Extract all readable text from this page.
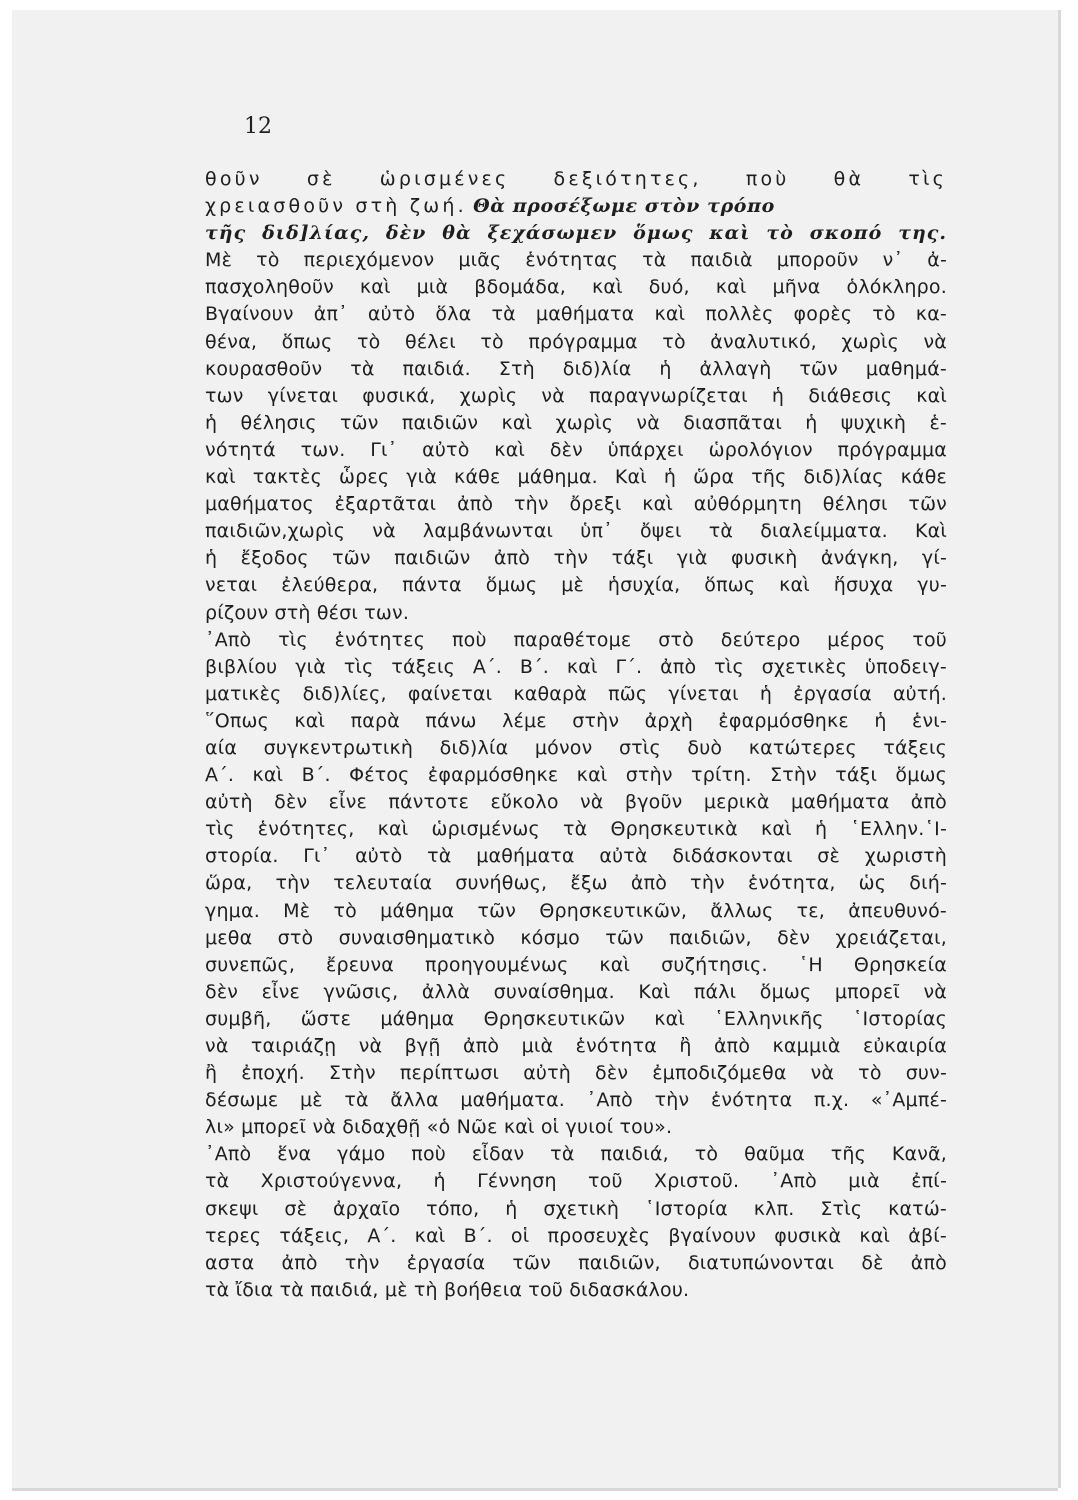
12
θοῦν σὲ ὡρισμένες δεξιότητες, ποὺ θὰ τὶς
χρειασθοῦν στὴ ζωή. Θὰ προσέξωμε στὸν τρόπο
τῆς διδ]λίας, δὲν θὰ ξεχάσωμεν ὅμως καὶ τὸ σκοπό της.
Μὲ τὸ περιεχόμενον μιᾶς ἑνότητας τὰ παιδιὰ μποροῦν ν᾽ ἀ-
πασχοληθοῦν καὶ μιὰ βδομάδα, καὶ δυό, καὶ μῆνα ὁλόκληρο.
Βγαίνουν ἀπ᾽ αὐτὸ ὅλα τὰ μαθήματα καὶ πολλὲς φορὲς τὸ κα-
θένα, ὅπως τὸ θέλει τὸ πρόγραμμα τὸ ἀναλυτικό, χωρὶς νὰ
κουρασθοῦν τὰ παιδιά. Στὴ διδ)λία ἡ ἀλλαγὴ τῶν μαθημά-
των γίνεται φυσικά, χωρὶς νὰ παραγνωρίζεται ἡ διάθεσις καὶ
ἡ θέλησις τῶν παιδιῶν καὶ χωρὶς νὰ διασπᾶται ἡ ψυχικὴ ἑ-
νότητά των. Γι᾽ αὐτὸ καὶ δὲν ὑπάρχει ὡρολόγιον πρόγραμμα
καὶ τακτὲς ὧρες γιὰ κάθε μάθημα. Καὶ ἡ ὥρα τῆς διδ)λίας κάθε
μαθήματος ἐξαρτᾶται ἀπὸ τὴν ὄρεξι καὶ αὐθόρμητη θέλησι τῶν
παιδιῶν,χωρὶς νὰ λαμβάνωνται ὑπ᾽ ὄψει τὰ διαλείμματα. Καὶ
ἡ ἔξοδος τῶν παιδιῶν ἀπὸ τὴν τάξι γιὰ φυσικὴ ἀνάγκη, γί-
νεται ἐλεύθερα, πάντα ὅμως μὲ ἡσυχία, ὅπως καὶ ἥσυχα γυ-
ρίζουν στὴ θέσι των.
᾽Απὸ τὶς ἑνότητες ποὺ παραθέτομε στὸ δεύτερο μέρος τοῦ
βιβλίου γιὰ τὶς τάξεις Α΄. Β΄. καὶ Γ΄. ἀπὸ τὶς σχετικὲς ὑποδειγ-
ματικὲς διδ)λίες, φαίνεται καθαρὰ πῶς γίνεται ἡ ἐργασία αὐτή.
῞Οπως καὶ παρὰ πάνω λέμε στὴν ἀρχὴ ἐφαρμόσθηκε ἡ ἑνι-
αία συγκεντρωτικὴ διδ)λία μόνον στὶς δυὸ κατώτερες τάξεις
Α΄. καὶ Β΄. Φέτος ἐφαρμόσθηκε καὶ στὴν τρίτη. Στὴν τάξι ὅμως
αὐτὴ δὲν εἶνε πάντοτε εὔκολο νὰ βγοῦν μερικὰ μαθήματα ἀπὸ
τὶς ἑνότητες, καὶ ὡρισμένως τὰ Θρησκευτικὰ καὶ ἡ ῾Ελλην.῾Ι-
στορία. Γι᾽ αὐτὸ τὰ μαθήματα αὐτὰ διδάσκονται σὲ χωριστὴ
ὥρα, τὴν τελευταία συνήθως, ἔξω ἀπὸ τὴν ἑνότητα, ὡς διή-
γημα. Μὲ τὸ μάθημα τῶν Θρησκευτικῶν, ἄλλως τε, ἀπευθυνό-
μεθα στὸ συναισθηματικὸ κόσμο τῶν παιδιῶν, δὲν χρειάζεται,
συνεπῶς, ἔρευνα προηγουμένως καὶ συζήτησις. ῾Η Θρησκεία
δὲν εἶνε γνῶσις, ἀλλὰ συναίσθημα. Καὶ πάλι ὅμως μπορεῖ νὰ
συμβῆ, ὥστε μάθημα Θρησκευτικῶν καὶ ῾Ελληνικῆς ῾Ιστορίας
νὰ ταιριάζῃ νὰ βγῇ ἀπὸ μιὰ ἑνότητα ἢ ἀπὸ καμμιὰ εὐκαιρία
ἢ ἐποχή. Στὴν περίπτωσι αὐτὴ δὲν ἐμποδιζόμεθα νὰ τὸ συν-
δέσωμε μὲ τὰ ἄλλα μαθήματα. ᾽Απὸ τὴν ἑνότητα π.χ. «᾽Αμπέ-
λι» μπορεῖ νὰ διδαχθῇ «ὁ Νῶε καὶ οἱ γυιοί του».
᾽Απὸ ἕνα γάμο ποὺ εἶδαν τὰ παιδιά, τὸ θαῦμα τῆς Κανᾶ,
τὰ Χριστούγεννα, ἡ Γέννηση τοῦ Χριστοῦ. ᾽Απὸ μιὰ ἐπί-
σκεψι σὲ ἀρχαῖο τόπο, ἡ σχετικὴ ῾Ιστορία κλπ. Στὶς κατώ-
τερες τάξεις, Α΄. καὶ Β΄. οἱ προσευχὲς βγαίνουν φυσικὰ καὶ ἀβί-
αστα ἀπὸ τὴν ἐργασία τῶν παιδιῶν, διατυπώνονται δὲ ἀπὸ
τὰ ἴδια τὰ παιδιά, μὲ τὴ βοήθεια τοῦ διδασκάλου.
